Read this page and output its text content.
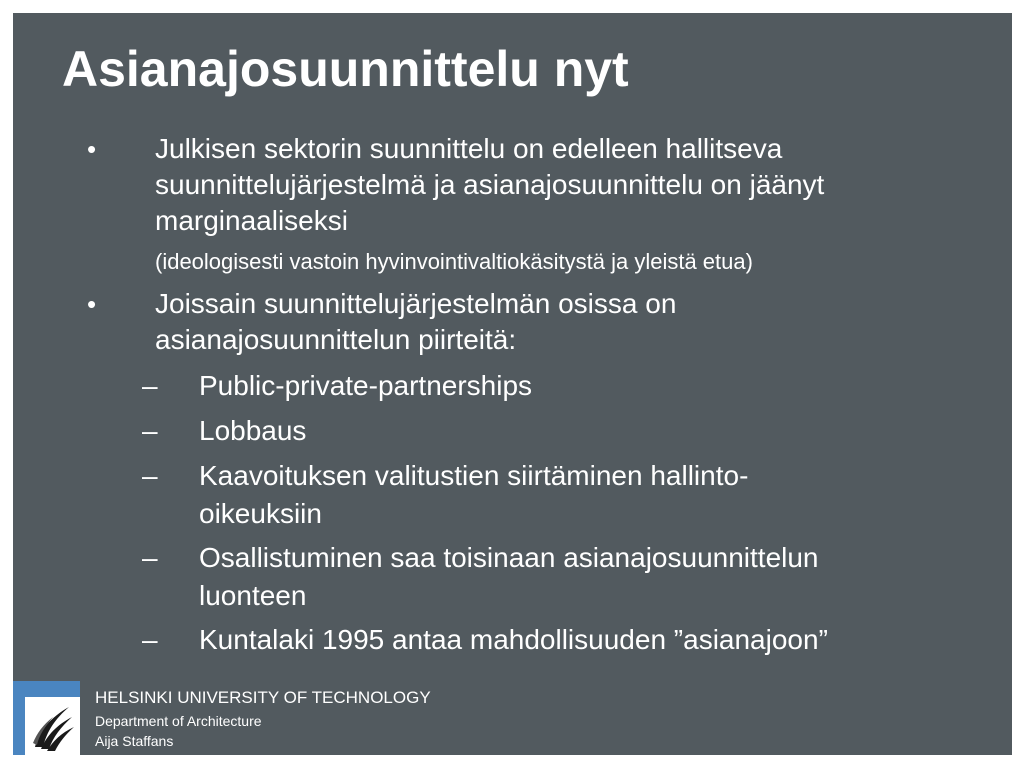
Asianajosuunnittelu nyt
• Julkisen sektorin suunnittelu on edelleen hallitseva
suunnittelujärjestelmä ja asianajosuunnittelu on jäänyt
marginaaliseksi
(ideologisesti vastoin hyvinvointivaltiokäsitystä ja yleistä etua)
• Joissain suunnittelujärjestelmän osissa on
asianajosuunnittelun piirteitä:
– Public-private-partnerships
– Lobbaus
– Kaavoituksen valitustien siirtäminen hallinto-
oikeuksiin
– Osallistuminen saa toisinaan asianajosuunnittelun
luonteen
– Kuntalaki 1995 antaa mahdollisuuden ”asianajoon”
HELSINKI UNIVERSITY OF TECHNOLOGY
Department of Architecture
Aija Staffans
